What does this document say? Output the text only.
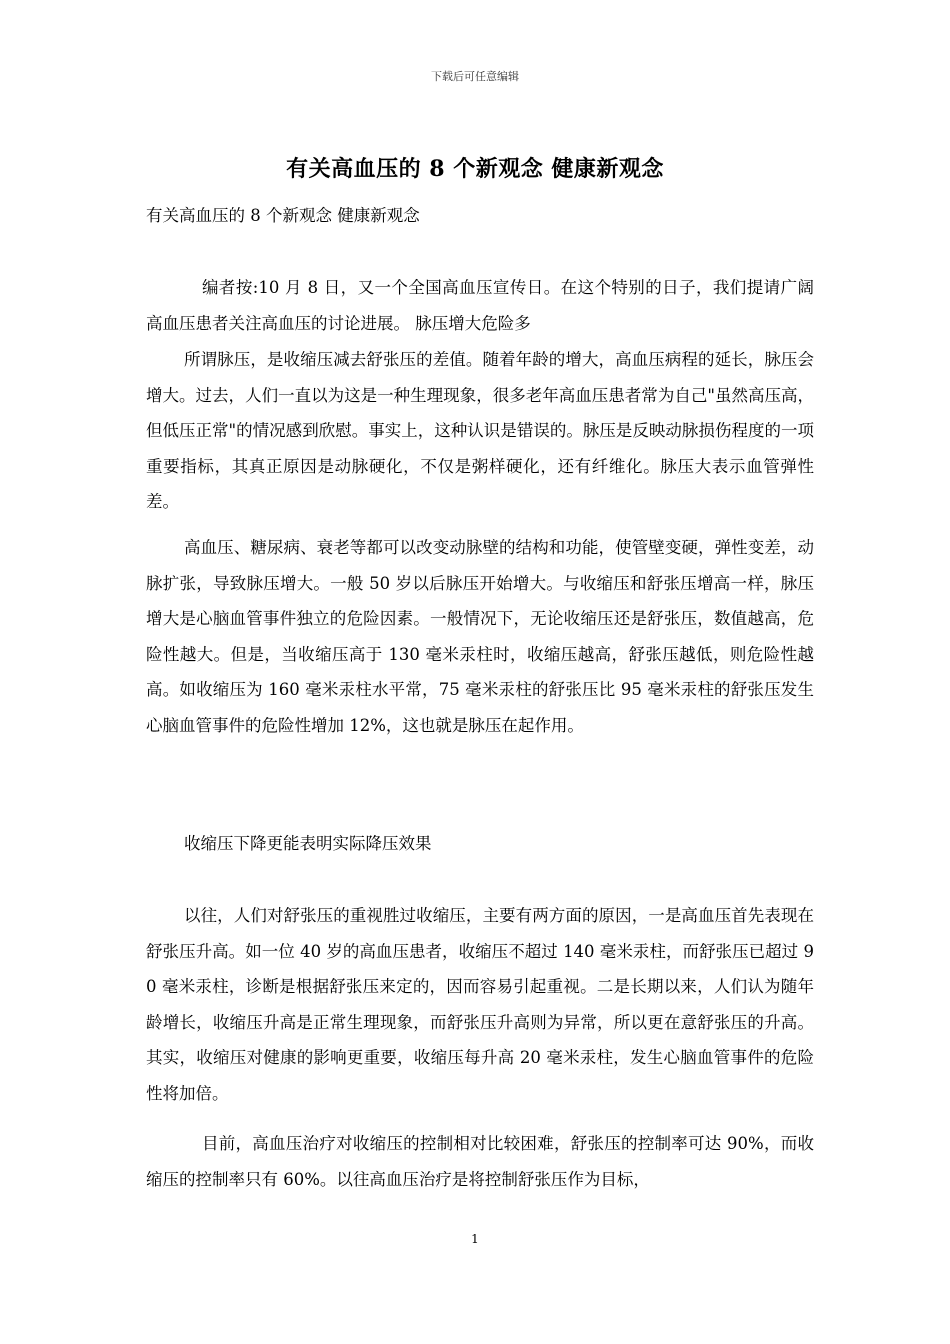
下载后可任意编辑
有关高血压的 8 个新观念 健康新观念
有关高血压的 8 个新观念 健康新观念

编者按:10 月 8 日，又一个全国高血压宣传日。在这个特别的日子，我们提请广阔高血压患者关注高血压的讨论进展。 脉压增大危险多

所谓脉压，是收缩压减去舒张压的差值。随着年龄的增大，高血压病程的延长，脉压会增大。过去，人们一直以为这是一种生理现象，很多老年高血压患者常为自己"虽然高压高，但低压正常"的情况感到欣慰。事实上，这种认识是错误的。脉压是反映动脉损伤程度的一项重要指标，其真正原因是动脉硬化，不仅是粥样硬化，还有纤维化。脉压大表示血管弹性差。

高血压、糖尿病、衰老等都可以改变动脉壁的结构和功能，使管壁变硬，弹性变差，动脉扩张，导致脉压增大。一般 50 岁以后脉压开始增大。与收缩压和舒张压增高一样，脉压增大是心脑血管事件独立的危险因素。一般情况下，无论收缩压还是舒张压，数值越高，危险性越大。但是，当收缩压高于 130 毫米汞柱时，收缩压越高，舒张压越低，则危险性越高。如收缩压为 160 毫米汞柱水平常，75 毫米汞柱的舒张压比 95 毫米汞柱的舒张压发生心脑血管事件的危险性增加 12%，这也就是脉压在起作用。

收缩压下降更能表明实际降压效果

以往，人们对舒张压的重视胜过收缩压，主要有两方面的原因，一是高血压首先表现在舒张压升高。如一位 40 岁的高血压患者，收缩压不超过 140 毫米汞柱，而舒张压已超过 90 毫米汞柱，诊断是根据舒张压来定的，因而容易引起重视。二是长期以来，人们认为随年龄增长，收缩压升高是正常生理现象，而舒张压升高则为异常，所以更在意舒张压的升高。其实，收缩压对健康的影响更重要，收缩压每升高 20 毫米汞柱，发生心脑血管事件的危险性将加倍。

目前，高血压治疗对收缩压的控制相对比较困难，舒张压的控制率可达 90%，而收缩压的控制率只有 60%。以往高血压治疗是将控制舒张压作为目标，

1
